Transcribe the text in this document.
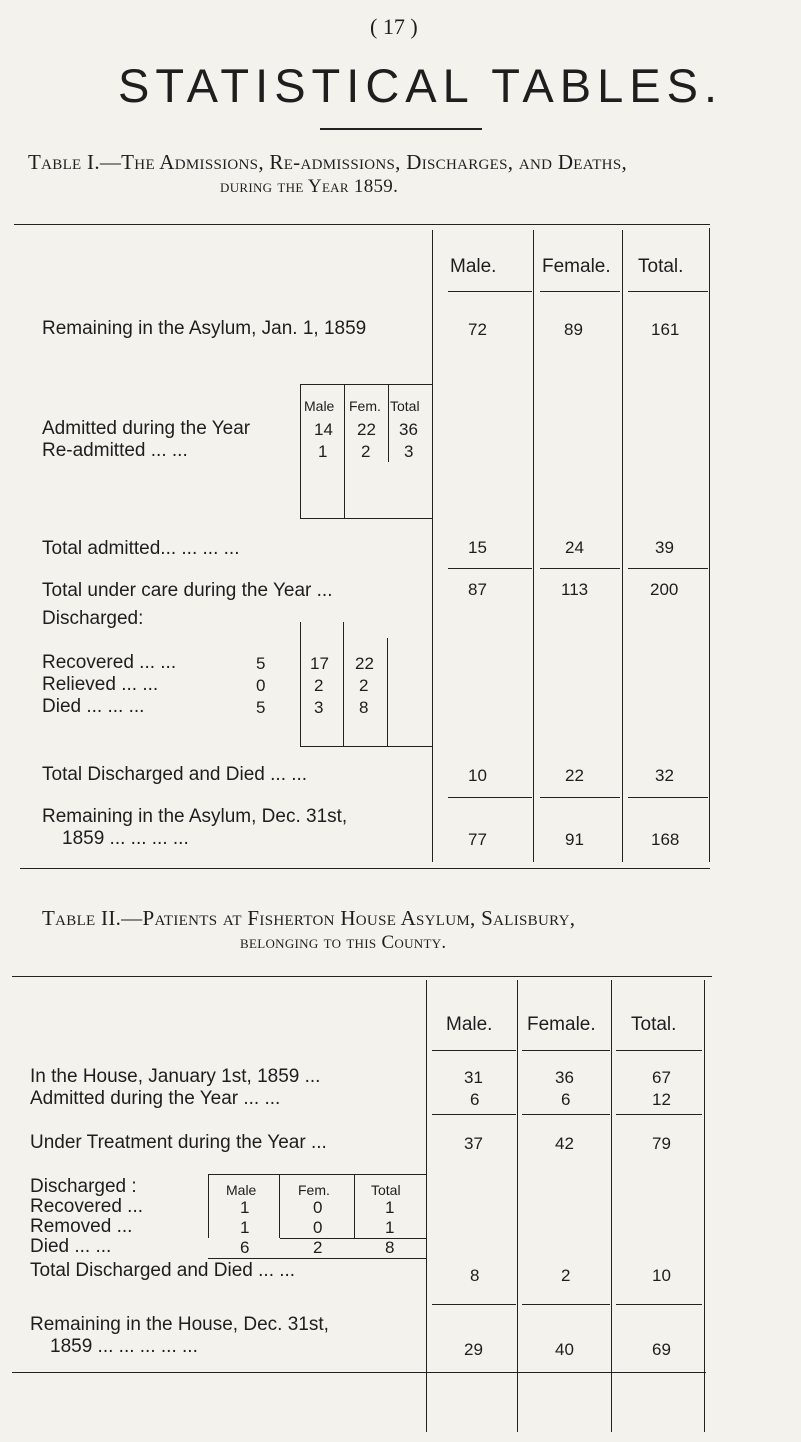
( 17 )
STATISTICAL TABLES.
Table I.—The Admissions, Re-admissions, Discharges, and Deaths,
during the Year 1859.
Male. Female. Total.
Remaining in the Asylum, Jan. 1, 1859	72	89	161
Male Fem. Total
Admitted during the Year	14 22 36
Re-admitted ... ...	1 2 3
Total admitted... ... ... ...	15	24	39
Total under care during the Year ...	87	113	200
Discharged:
Recovered ... ...	5	17 22
Relieved ... ...	0	2 2
Died ... ... ...	5	3 8
Total Discharged and Died ... ...	10	22	32
Remaining in the Asylum, Dec. 31st,
1859 ... ... ... ...	77	91	168
Table II.—Patients at Fisherton House Asylum, Salisbury,
belonging to this County.
Male. Female. Total.
In the House, January 1st, 1859 ...	31	36	67
Admitted during the Year ... ...	6	6	12
Under Treatment during the Year ...	37	42	79
Discharged :	Male	Fem.	Total
Recovered ...	1	0	1
Removed ...	1	0	1
Died ... ...	6	2	8
Total Discharged and Died ... ...	8	2	10
Remaining in the House, Dec. 31st,
1859 ... ... ... ... ...	29	40	69
